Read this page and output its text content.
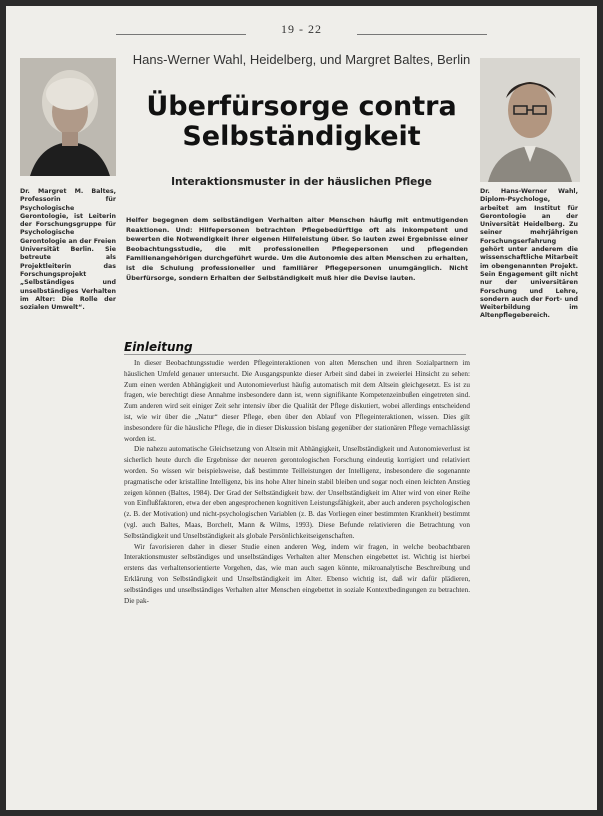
19 - 22
Hans-Werner Wahl, Heidelberg, und Margret Baltes, Berlin
Überfürsorge contra Selbständigkeit
Interaktionsmuster in der häuslichen Pflege
Dr. Margret M. Baltes, Professorin für Psychologische Gerontologie, ist Leiterin der Forschungsgruppe für Psychologische Gerontologie an der Freien Universität Berlin. Sie betreute als Projektleiterin das Forschungsprojekt „Selbständiges und unselbständiges Verhalten im Alter: Die Rolle der sozialen Umwelt“.
Dr. Hans-Werner Wahl, Diplom-Psychologe, arbeitet am Institut für Gerontologie an der Universität Heidelberg. Zu seiner mehrjährigen Forschungserfahrung gehört unter anderem die wissenschaftliche Mitarbeit im obengenannten Projekt. Sein Engagement gilt nicht nur der universitären Forschung und Lehre, sondern auch der Fort- und Weiterbildung im Altenpflegebereich.
Helfer begegnen dem selbständigen Verhalten alter Menschen häufig mit entmutigenden Reaktionen. Und: Hilfepersonen betrachten Pflegebedürftige oft als inkompetent und bewerten die Notwendigkeit ihrer eigenen Hilfeleistung über. So lauten zwei Ergebnisse einer Beobachtungsstudie, die mit professionellen Pflegepersonen und pflegenden Familienangehörigen durchgeführt wurde. Um die Autonomie des alten Menschen zu erhalten, ist die Schulung professioneller und familiärer Pflegepersonen unumgänglich. Nicht Überfürsorge, sondern Erhalten der Selbständigkeit muß hier die Devise lauten.
Einleitung

In dieser Beobachtungsstudie werden Pflegeinteraktionen von alten Menschen und ihren Sozialpartnern im häuslichen Umfeld genauer untersucht. Die Ausgangspunkte dieser Arbeit sind dabei in zweierlei Hinsicht zu sehen: Zum einen werden Abhängigkeit und Autonomieverlust häufig automatisch mit dem Altsein gleichgesetzt. Es ist zu fragen, wie berechtigt diese Annahme insbesondere dann ist, wenn signifikante Kompetenzeinbußen eingetreten sind. Zum anderen wird seit einiger Zeit sehr intensiv über die Qualität der Pflege diskutiert, wobei allerdings entscheidend ist, wie wir über die „Natur“ dieser Pflege, eben über den Ablauf von Pflegeinteraktionen, wissen. Dies gilt insbesondere für die häusliche Pflege, die in dieser Diskussion bislang gegenüber der stationären Pflege vernachlässigt worden ist.

Die nahezu automatische Gleichsetzung von Altsein mit Abhängigkeit, Unselbständigkeit und Autonomieverlust ist sicherlich heute durch die Ergebnisse der neueren gerontologischen Forschung eindeutig korrigiert und relativiert worden. So wissen wir beispielsweise, daß bestimmte Teilleistungen der Intelligenz, insbesondere die sogenannte pragmatische oder kristalline Intelligenz, bis ins hohe Alter hinein stabil bleiben und sogar noch einen leichten Anstieg zeigen können (Baltes, 1984). Der Grad der Selbständigkeit bzw. der Unselbständigkeit im Alter wird von einer Reihe von Einflußfaktoren, etwa der eben angesprochenen kognitiven Leistungsfähigkeit, aber auch anderen psychologischen (z. B. der Motivation) und nicht-psychologischen Variablen (z. B. das Vorliegen einer bestimmten Krankheit) bestimmt (vgl. auch Baltes, Maas, Borchelt, Mann & Wilms, 1993). Diese Befunde relativieren die Betrachtung von Selbständigkeit und Unselbständigkeit als globale Persönlichkeitseigenschaften.

Wir favorisieren daher in dieser Studie einen anderen Weg, indem wir fragen, in welche beobachtbaren Interaktionsmuster selbständiges und unselbständiges Verhalten alter Menschen eingebettet ist. Wichtig ist hierbei erstens das verhaltensorientierte Vorgehen, das, wie man auch sagen könnte, mikroanalytische Beschreibung und Erklärung von Selbständigkeit und Unselbständigkeit im Alter. Ebenso wichtig ist, daß wir dafür plädieren, selbständiges und unselbständiges Verhalten alter Menschen eingebettet in soziale Kontextbedingungen zu betrachten. Die pak-
